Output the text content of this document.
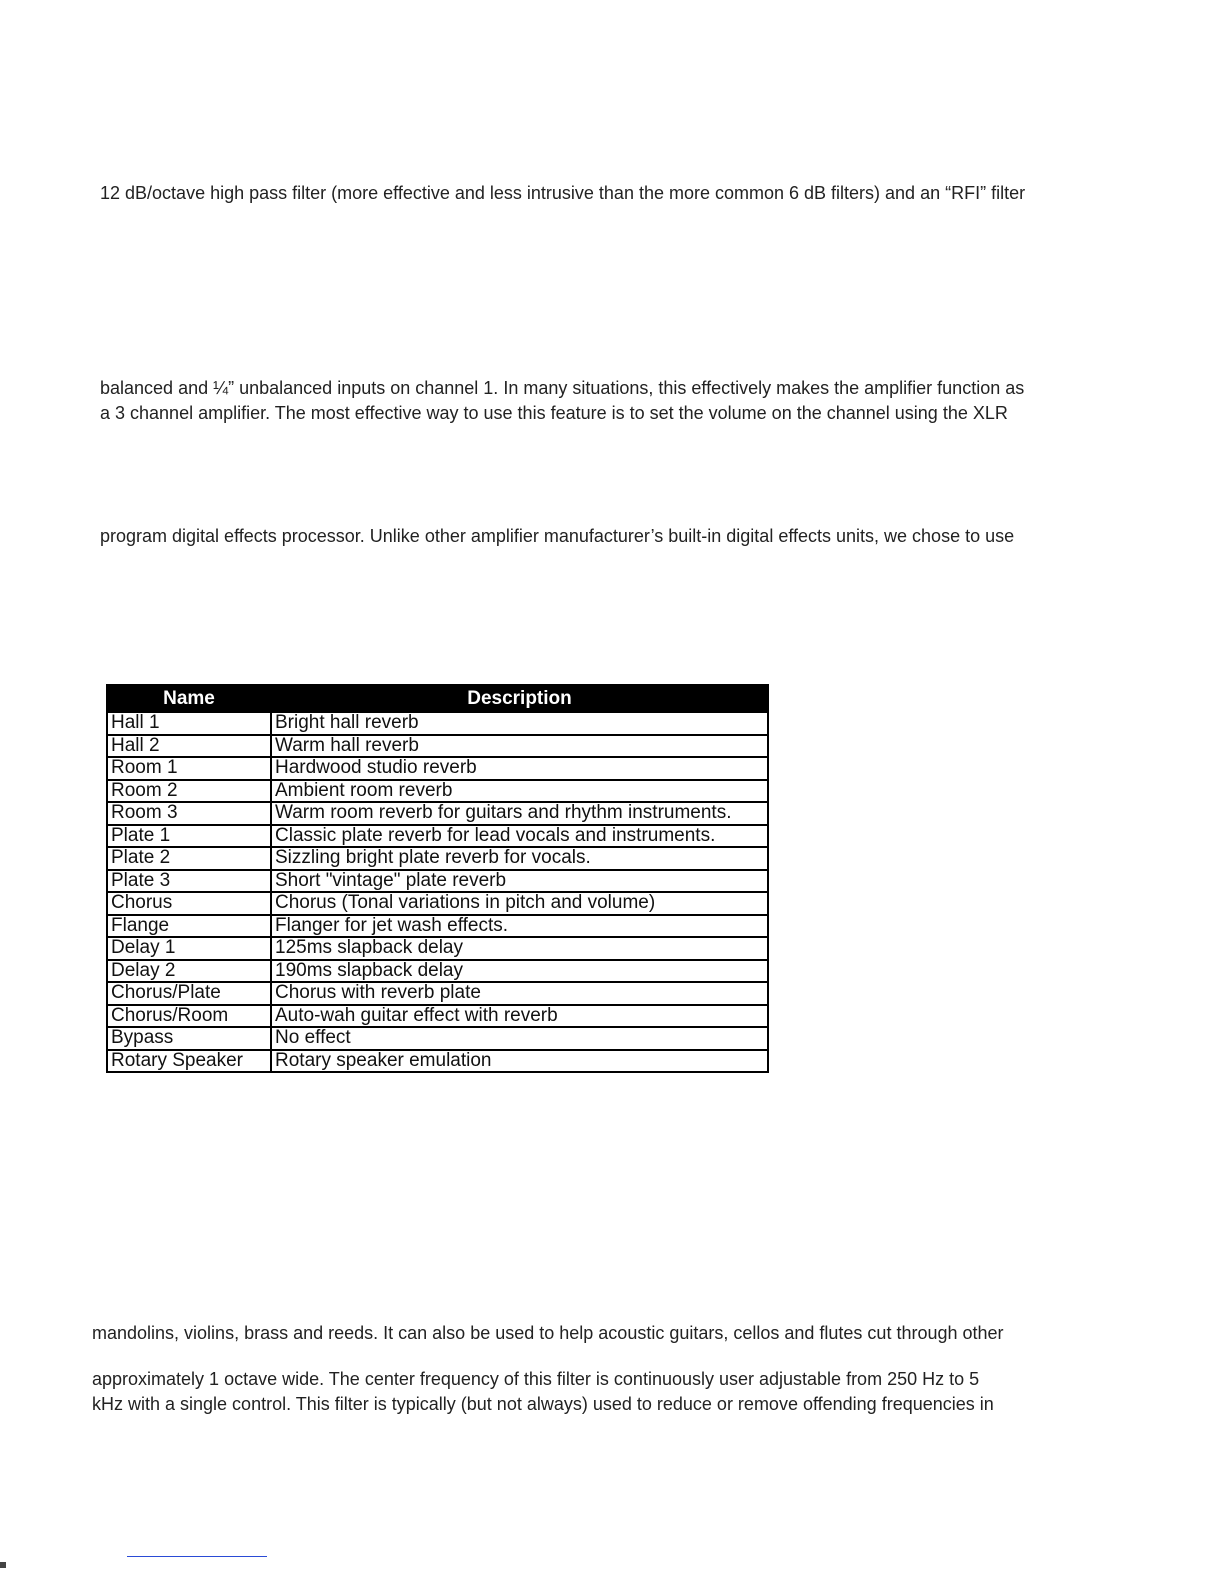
12 dB/octave high pass filter (more effective and less intrusive than the more common 6 dB filters) and an “RFI” filter
balanced and ¼” unbalanced inputs on channel 1. In many situations, this effectively makes the amplifier function as
a 3 channel amplifier. The most effective way to use this feature is to set the volume on the channel using the XLR
program digital effects processor. Unlike other amplifier manufacturer’s built-in digital effects units, we chose to use
Name	Description
Hall 1	Bright hall reverb
Hall 2	Warm hall reverb
Room 1	Hardwood studio reverb
Room 2	Ambient room reverb
Room 3	Warm room reverb for guitars and rhythm instruments.
Plate 1	Classic plate reverb for lead vocals and instruments.
Plate 2	Sizzling bright plate reverb for vocals.
Plate 3	Short "vintage" plate reverb
Chorus	Chorus (Tonal variations in pitch and volume)
Flange	Flanger for jet wash effects.
Delay 1	125ms slapback delay
Delay 2	190ms slapback delay
Chorus/Plate	Chorus with reverb plate
Chorus/Room	Auto-wah guitar effect with reverb
Bypass	No effect
Rotary Speaker	Rotary speaker emulation
mandolins, violins, brass and reeds. It can also be used to help acoustic guitars, cellos and flutes cut through other
approximately 1 octave wide. The center frequency of this filter is continuously user adjustable from 250 Hz to 5
kHz with a single control. This filter is typically (but not always) used to reduce or remove offending frequencies in
